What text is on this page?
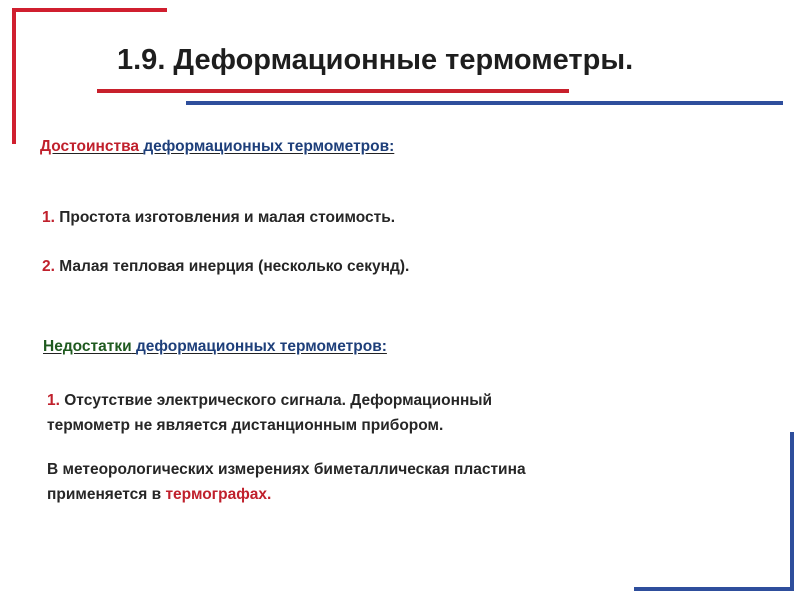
1.9. Деформационные термометры.
Достоинства деформационных термометров:
1. Простота изготовления и малая стоимость.
2. Малая тепловая инерция (несколько секунд).
Недостатки деформационных термометров:
1. Отсутствие электрического сигнала. Деформационный
термометр не является дистанционным прибором.
В метеорологических измерениях биметаллическая пластина
применяется в термографах.
